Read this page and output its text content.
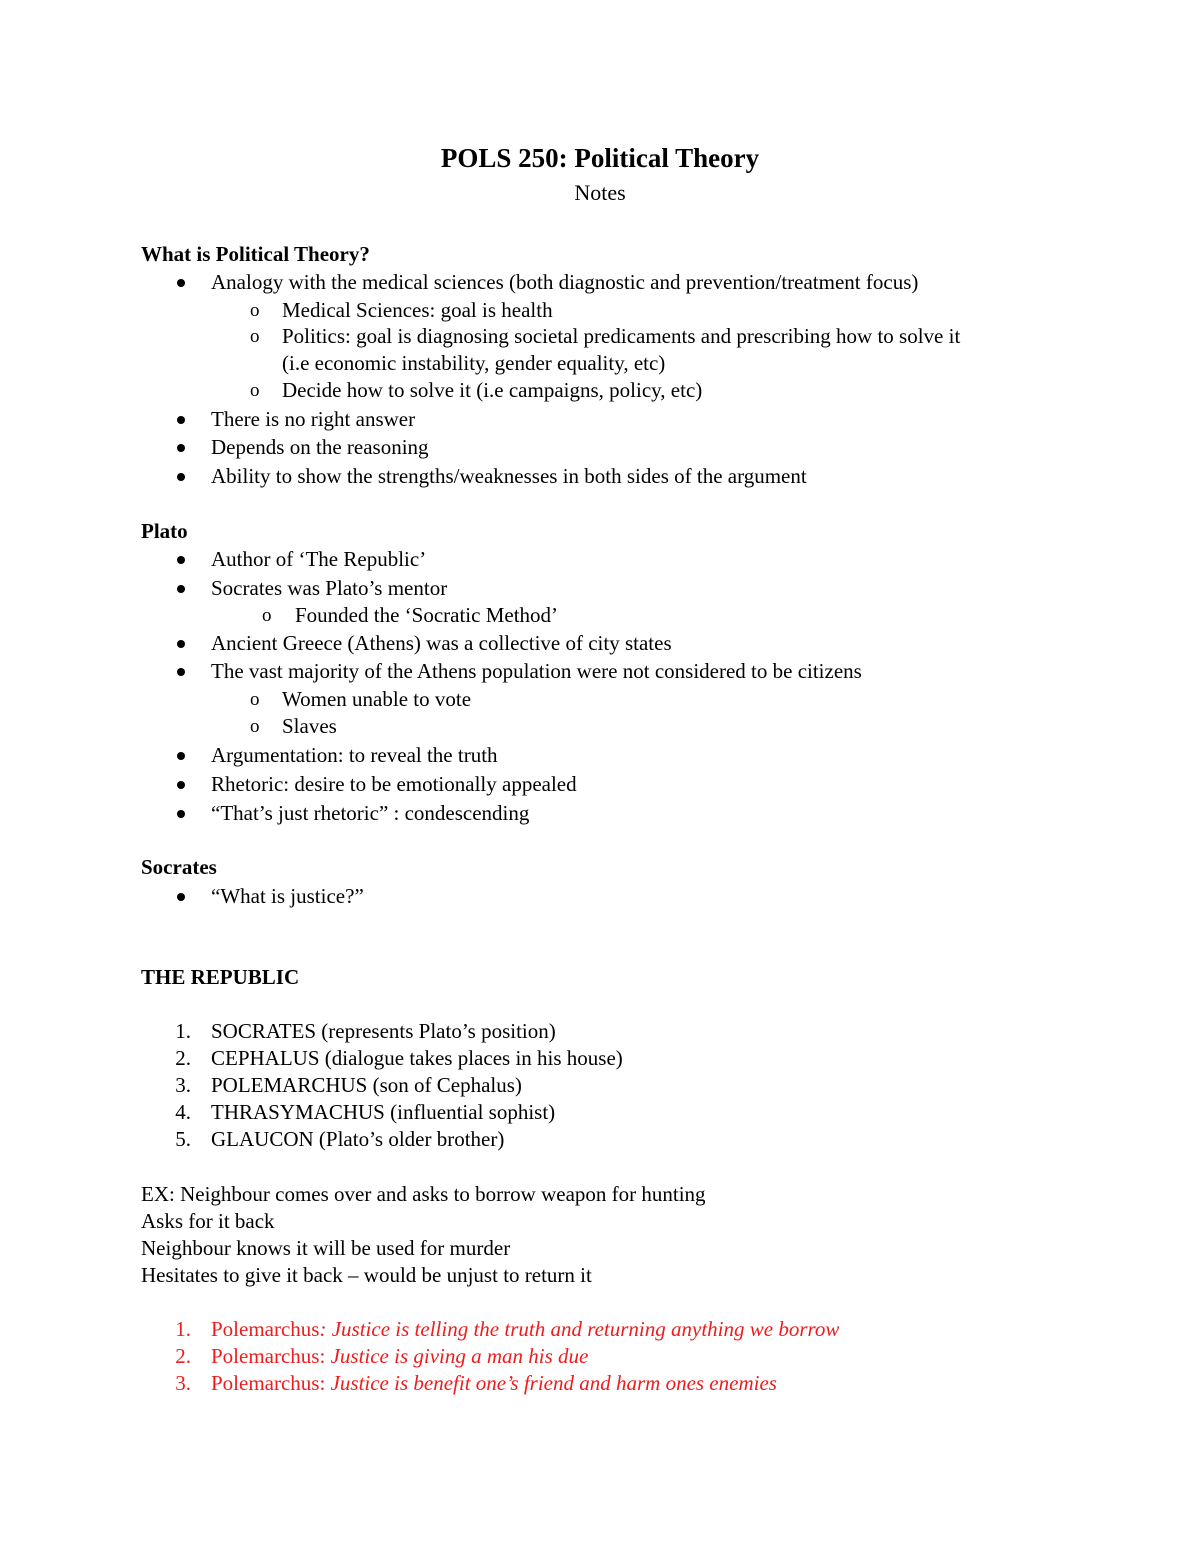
POLS 250: Political Theory
Notes
What is Political Theory?
Analogy with the medical sciences (both diagnostic and prevention/treatment focus)
o Medical Sciences: goal is health
o Politics: goal is diagnosing societal predicaments and prescribing how to solve it
(i.e economic instability, gender equality, etc)
o Decide how to solve it (i.e campaigns, policy, etc)
There is no right answer
Depends on the reasoning
Ability to show the strengths/weaknesses in both sides of the argument
Plato
Author of ‘The Republic’
Socrates was Plato’s mentor
o Founded the ‘Socratic Method’
Ancient Greece (Athens) was a collective of city states
The vast majority of the Athens population were not considered to be citizens
o Women unable to vote
o Slaves
Argumentation: to reveal the truth
Rhetoric: desire to be emotionally appealed
“That’s just rhetoric” : condescending
Socrates
“What is justice?”
THE REPUBLIC
1. SOCRATES (represents Plato’s position)
2. CEPHALUS (dialogue takes places in his house)
3. POLEMARCHUS (son of Cephalus)
4. THRASYMACHUS (influential sophist)
5. GLAUCON (Plato’s older brother)
EX: Neighbour comes over and asks to borrow weapon for hunting
Asks for it back
Neighbour knows it will be used for murder
Hesitates to give it back – would be unjust to return it
1. Polemarchus: Justice is telling the truth and returning anything we borrow
2. Polemarchus: Justice is giving a man his due
3. Polemarchus: Justice is benefit one’s friend and harm ones enemies
